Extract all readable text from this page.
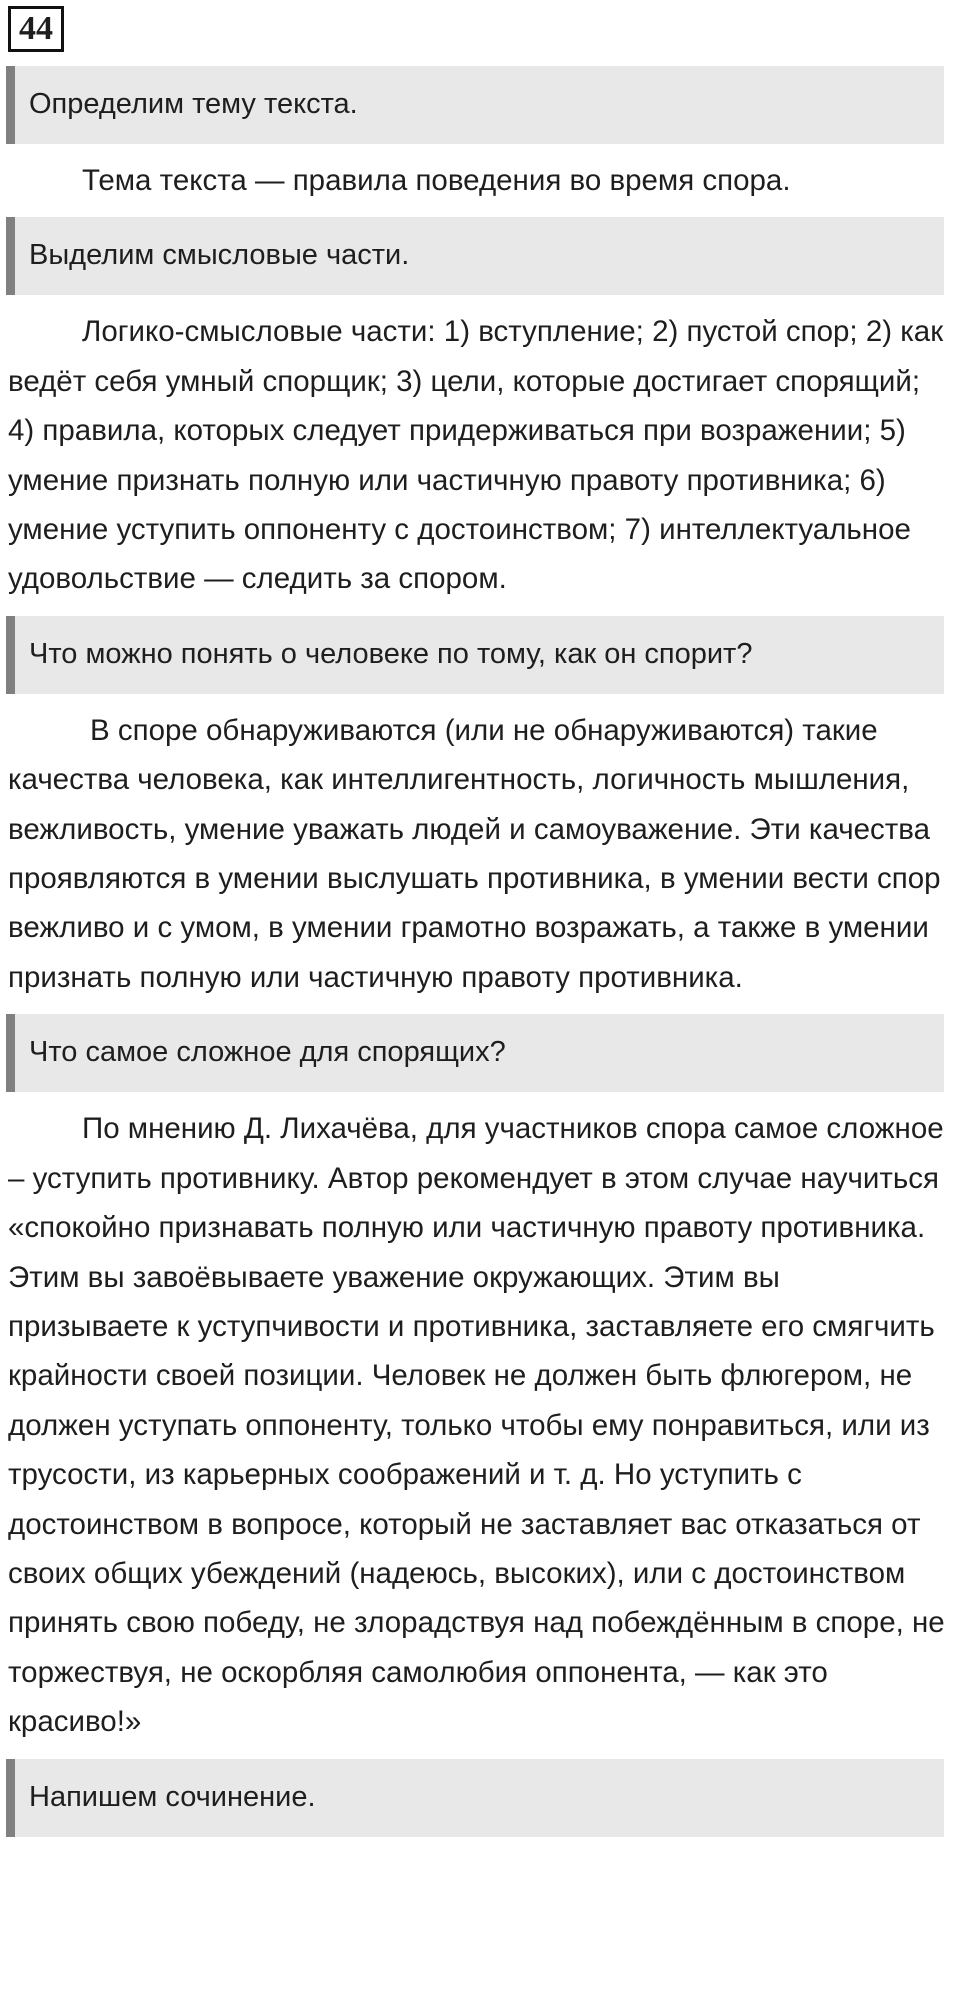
44
Определим тему текста.

Тема текста — правила поведения во время спора.

Выделим смысловые части.

Логико-смысловые части: 1) вступление; 2) пустой спор; 2) как ведёт себя умный спорщик; 3) цели, которые достигает спорящий; 4) правила, которых следует придерживаться при возражении; 5) умение признать полную или частичную правоту противника; 6) умение уступить оппоненту с достоинством; 7) интеллектуальное удовольствие — следить за спором.

Что можно понять о человеке по тому, как он спорит?

В споре обнаруживаются (или не обнаруживаются) такие качества человека, как интеллигентность, логичность мышления, вежливость, умение уважать людей и самоуважение. Эти качества проявляются в умении выслушать противника, в умении вести спор вежливо и с умом, в умении грамотно возражать, а также в умении признать полную или частичную правоту противника.

Что самое сложное для спорящих?

По мнению Д. Лихачёва, для участников спора самое сложное – уступить противнику. Автор рекомендует в этом случае научиться «спокойно признавать полную или частичную правоту противника. Этим вы завоёвываете уважение окружающих. Этим вы призываете к уступчивости и противника, заставляете его смягчить крайности своей позиции. Человек не должен быть флюгером, не должен уступать оппоненту, только чтобы ему понравиться, или из трусости, из карьерных соображений и т. д. Но уступить с достоинством в вопросе, который не заставляет вас отказаться от своих общих убеждений (надеюсь, высоких), или с достоинством принять свою победу, не злорадствуя над побеждённым в споре, не торжествуя, не оскорбляя самолюбия оппонента, — как это красиво!»

Напишем сочинение.
